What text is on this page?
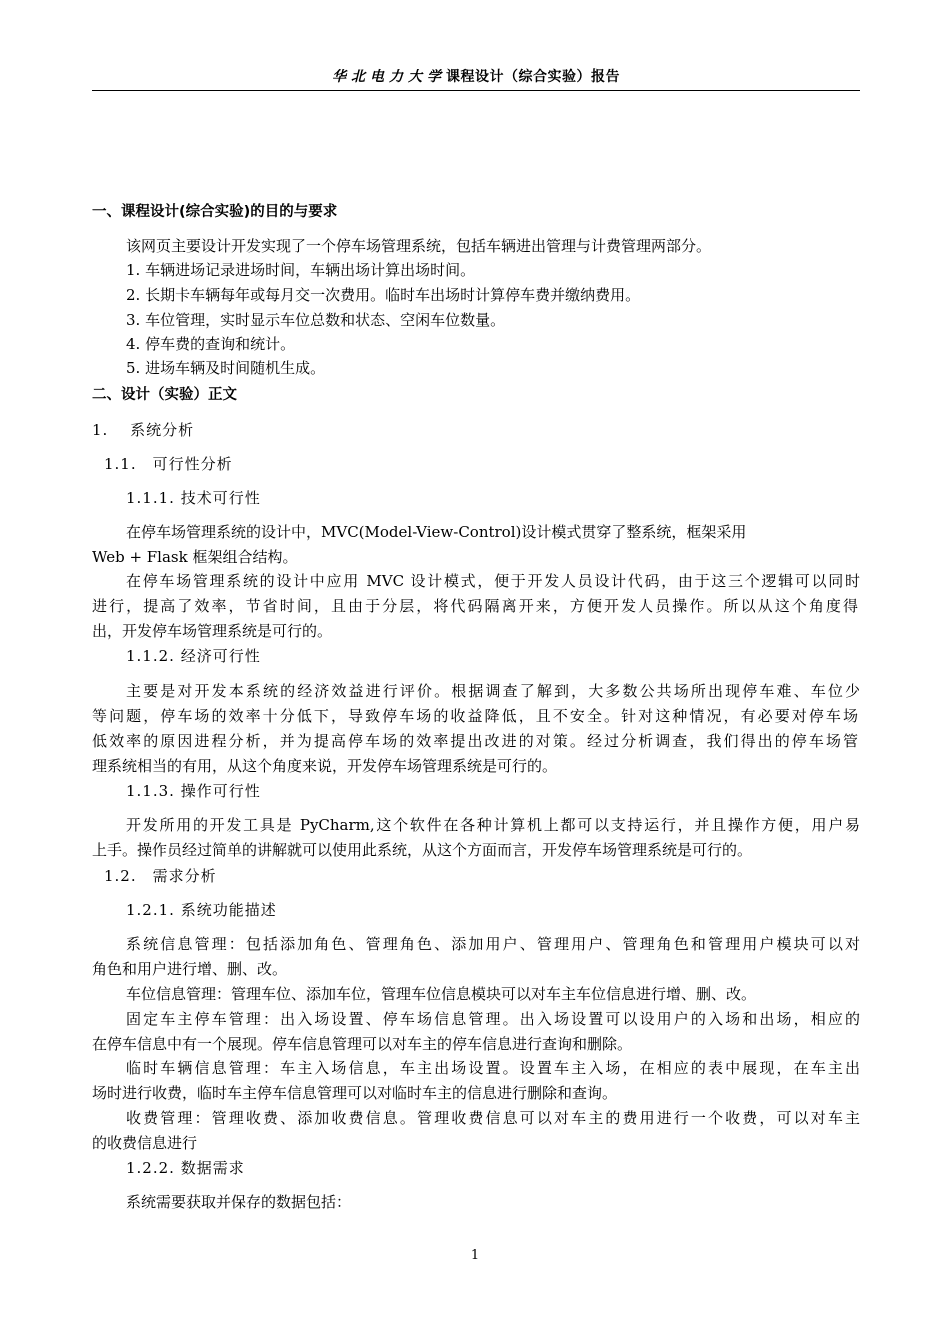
华北电力大学课程设计（综合实验）报告
一、课程设计(综合实验)的目的与要求
该网页主要设计开发实现了一个停车场管理系统，包括车辆进出管理与计费管理两部分。
1. 车辆进场记录进场时间，车辆出场计算出场时间。
2. 长期卡车辆每年或每月交一次费用。临时车出场时计算停车费并缴纳费用。
3. 车位管理，实时显示车位总数和状态、空闲车位数量。
4. 停车费的查询和统计。
5. 进场车辆及时间随机生成。
二、设计（实验）正文
1.　 系统分析
1.1.　可行性分析
1.1.1. 技术可行性
在停车场管理系统的设计中，MVC(Model-View-Control)设计模式贯穿了整系统，框架采用
Web + Flask 框架组合结构。
在停车场管理系统的设计中应用 MVC 设计模式，便于开发人员设计代码，由于这三个逻辑可以同时
进行，提高了效率，节省时间，且由于分层，将代码隔离开来，方便开发人员操作。所以从这个角度得
出，开发停车场管理系统是可行的。
1.1.2. 经济可行性
主要是对开发本系统的经济效益进行评价。根据调查了解到，大多数公共场所出现停车难、车位少
等问题，停车场的效率十分低下，导致停车场的收益降低，且不安全。针对这种情况，有必要对停车场
低效率的原因进程分析，并为提高停车场的效率提出改进的对策。经过分析调查，我们得出的停车场管
理系统相当的有用，从这个角度来说，开发停车场管理系统是可行的。
1.1.3. 操作可行性
开发所用的开发工具是 PyCharm,这个软件在各种计算机上都可以支持运行，并且操作方便，用户易
上手。操作员经过简单的讲解就可以使用此系统，从这个方面而言，开发停车场管理系统是可行的。
1.2.　需求分析
1.2.1. 系统功能描述
系统信息管理：包括添加角色、管理角色、添加用户、管理用户、管理角色和管理用户模块可以对
角色和用户进行增、删、改。
车位信息管理：管理车位、添加车位，管理车位信息模块可以对车主车位信息进行增、删、改。
固定车主停车管理：出入场设置、停车场信息管理。出入场设置可以设用户的入场和出场，相应的
在停车信息中有一个展现。停车信息管理可以对车主的停车信息进行查询和删除。
临时车辆信息管理：车主入场信息，车主出场设置。设置车主入场，在相应的表中展现，在车主出
场时进行收费，临时车主停车信息管理可以对临时车主的信息进行删除和查询。
收费管理：管理收费、添加收费信息。管理收费信息可以对车主的费用进行一个收费，可以对车主
的收费信息进行
1.2.2. 数据需求
系统需要获取并保存的数据包括：
1
